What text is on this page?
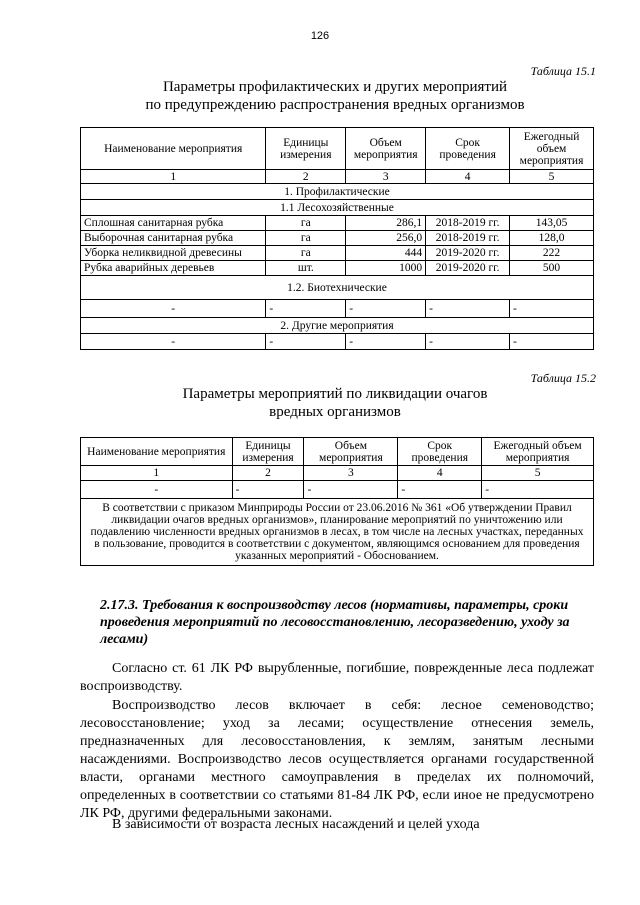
126
Таблица 15.1
Параметры профилактических и других мероприятий
по предупреждению распространения вредных организмов
Наименование мероприятия	Единицы измерения	Объем мероприятия	Срок проведения	Ежегодный объем мероприятия
1	2	3	4	5
1. Профилактические				
1.1 Лесохозяйственные				
Сплошная санитарная рубка	га	286,1	2018-2019 гг.	143,05
Выборочная санитарная рубка	га	256,0	2018-2019 гг.	128,0
Уборка неликвидной древесины	га	444	2019-2020 гг.	222
Рубка аварийных деревьев	шт.	1000	2019-2020 гг.	500
1.2. Биотехнические				
-	-	-	-	-
2. Другие мероприятия				
-	-	-	-	-
Таблица 15.2
Параметры мероприятий по ликвидации очагов
вредных организмов
Наименование мероприятия	Единицы измерения	Объем мероприятия	Срок проведения	Ежегодный объем мероприятия
1	2	3	4	5
-	-	-	-	-
В соответствии с приказом Минприроды России от 23.06.2016 № 361 «Об утверждении Правил ликвидации очагов вредных организмов», планирование мероприятий по уничтожению или подавлению численности вредных организмов в лесах, в том числе на лесных участках, переданных в пользование, проводится в соответствии с документом, являющимся основанием для проведения указанных мероприятий - Обоснованием.				
2.17.3. Требования к воспроизводству лесов (нормативы, параметры, сроки проведения мероприятий по лесовосстановлению, лесоразведению, уходу за лесами)
Согласно ст. 61 ЛК РФ вырубленные, погибшие, поврежденные леса подлежат воспроизводству.
Воспроизводство лесов включает в себя: лесное семеноводство; лесовосстановление; уход за лесами; осуществление отнесения земель, предназначенных для лесовосстановления, к землям, занятым лесными насаждениями. Воспроизводство лесов осуществляется органами государственной власти, органами местного самоуправления в пределах их полномочий, определенных в соответствии со статьями 81-84 ЛК РФ, если иное не предусмотрено ЛК РФ, другими федеральными законами.
В зависимости от возраста лесных насаждений и целей ухода
